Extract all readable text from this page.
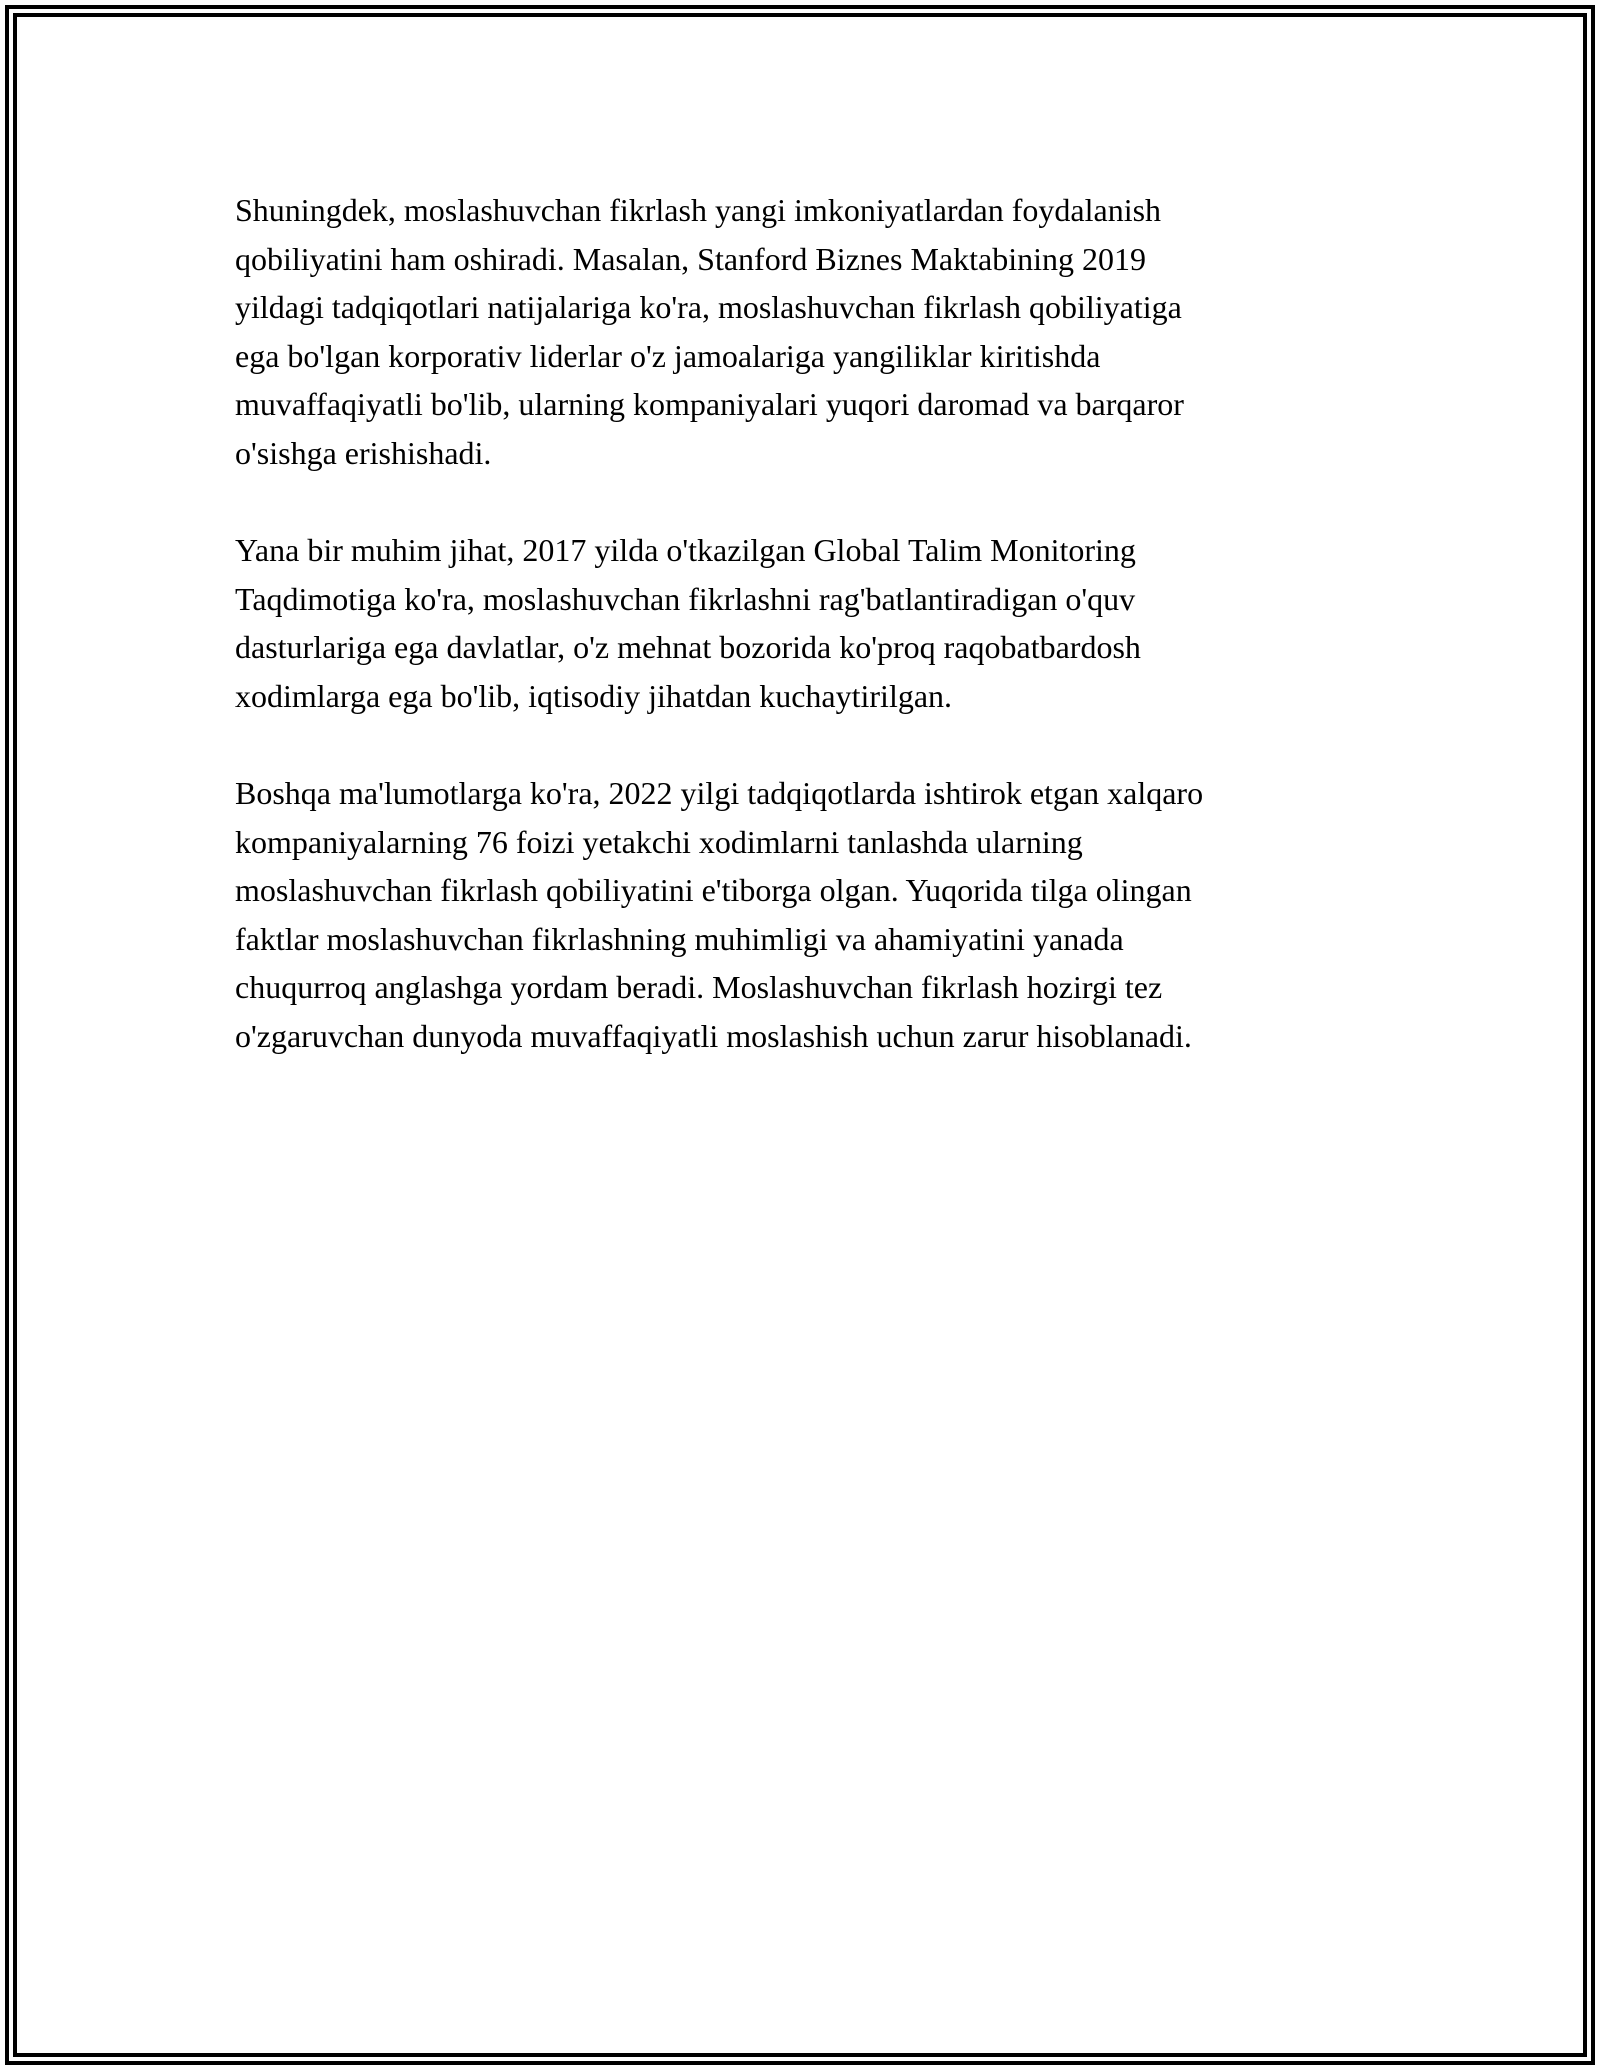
Shuningdek, moslashuvchan fikrlash yangi imkoniyatlardan foydalanish
qobiliyatini ham oshiradi. Masalan, Stanford Biznes Maktabining 2019
yildagi tadqiqotlari natijalariga ko'ra, moslashuvchan fikrlash qobiliyatiga
ega bo'lgan korporativ liderlar o'z jamoalariga yangiliklar kiritishda
muvaffaqiyatli bo'lib, ularning kompaniyalari yuqori daromad va barqaror
o'sishga erishishadi.

Yana bir muhim jihat, 2017 yilda o'tkazilgan Global Talim Monitoring
Taqdimotiga ko'ra, moslashuvchan fikrlashni rag'batlantiradigan o'quv
dasturlariga ega davlatlar, o'z mehnat bozorida ko'proq raqobatbardosh
xodimlarga ega bo'lib, iqtisodiy jihatdan kuchaytirilgan.

Boshqa ma'lumotlarga ko'ra, 2022 yilgi tadqiqotlarda ishtirok etgan xalqaro
kompaniyalarning 76 foizi yetakchi xodimlarni tanlashda ularning
moslashuvchan fikrlash qobiliyatini e'tiborga olgan. Yuqorida tilga olingan
faktlar moslashuvchan fikrlashning muhimligi va ahamiyatini yanada
chuqurroq anglashga yordam beradi. Moslashuvchan fikrlash hozirgi tez
o'zgaruvchan dunyoda muvaffaqiyatli moslashish uchun zarur hisoblanadi.
